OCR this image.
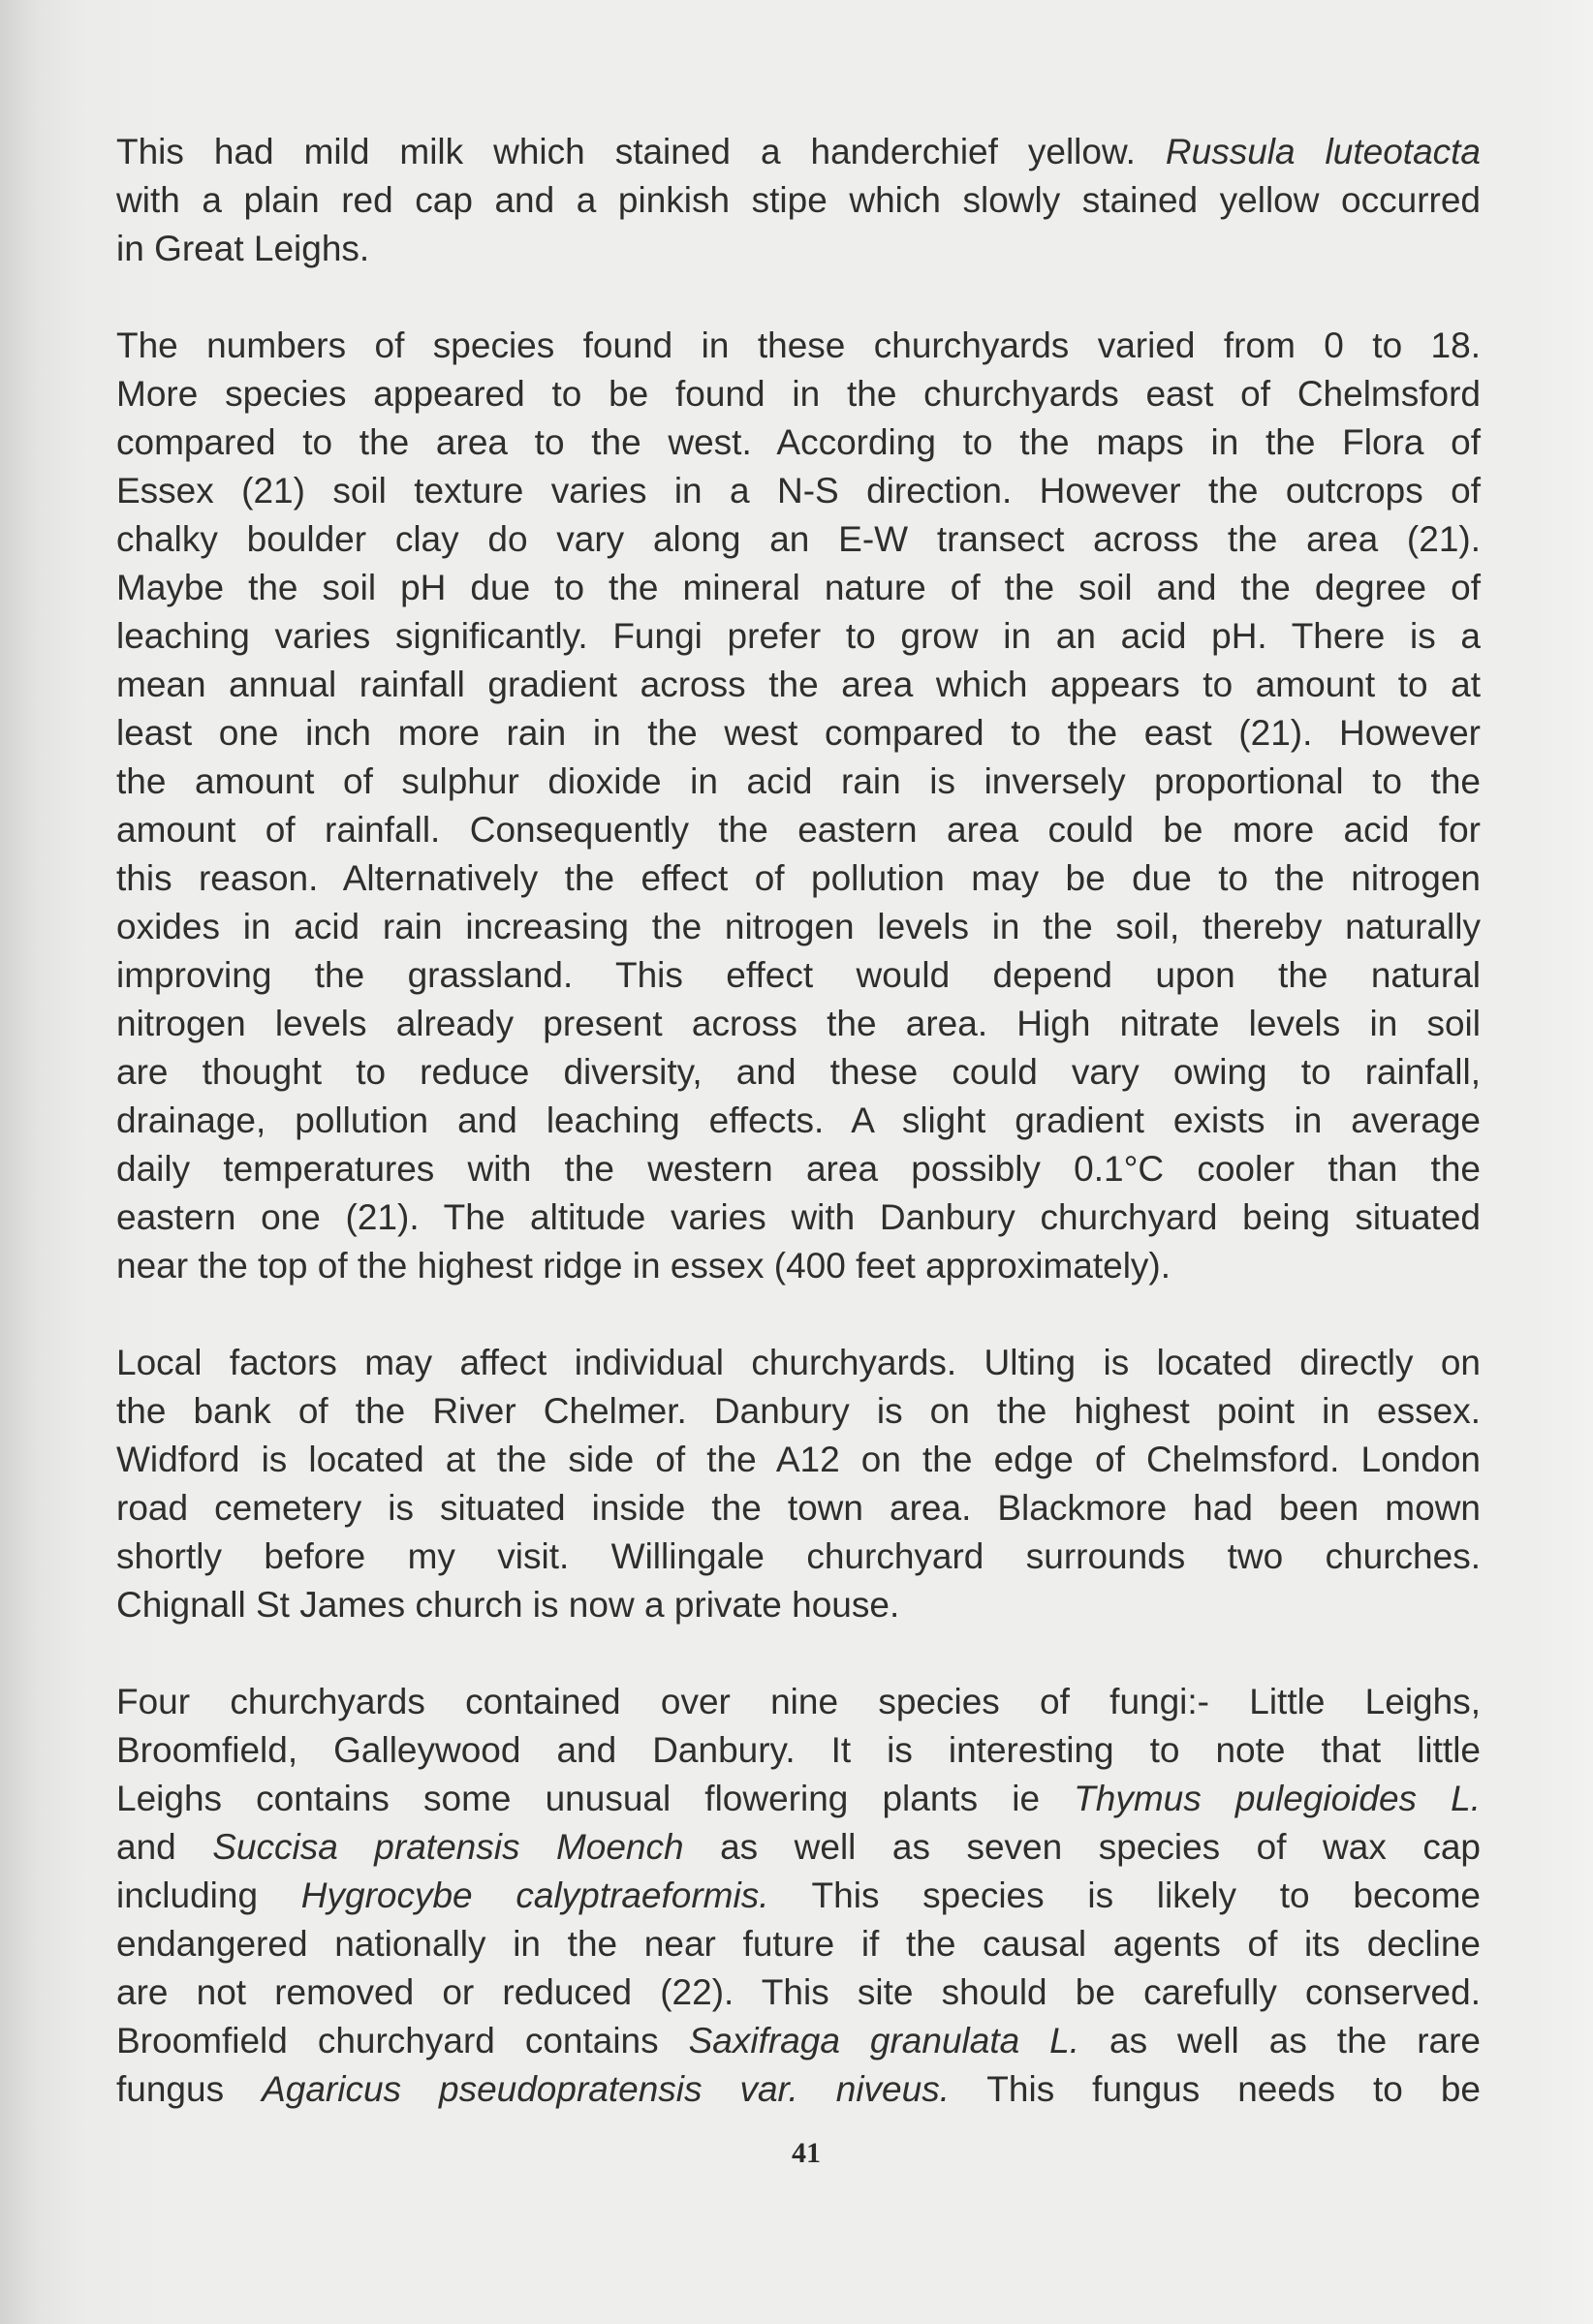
This had mild milk which stained a handerchief yellow. Russula luteotacta
with a plain red cap and a pinkish stipe which slowly stained yellow occurred
in Great Leighs.

The numbers of species found in these churchyards varied from 0 to 18.
More species appeared to be found in the churchyards east of Chelmsford
compared to the area to the west. According to the maps in the Flora of
Essex (21) soil texture varies in a N-S direction. However the outcrops of
chalky boulder clay do vary along an E-W transect across the area (21).
Maybe the soil pH due to the mineral nature of the soil and the degree of
leaching varies significantly. Fungi prefer to grow in an acid pH. There is a
mean annual rainfall gradient across the area which appears to amount to at
least one inch more rain in the west compared to the east (21). However
the amount of sulphur dioxide in acid rain is inversely proportional to the
amount of rainfall. Consequently the eastern area could be more acid for
this reason. Alternatively the effect of pollution may be due to the nitrogen
oxides in acid rain increasing the nitrogen levels in the soil, thereby naturally
improving the grassland. This effect would depend upon the natural
nitrogen levels already present across the area. High nitrate levels in soil
are thought to reduce diversity, and these could vary owing to rainfall,
drainage, pollution and leaching effects. A slight gradient exists in average
daily temperatures with the western area possibly 0.1°C cooler than the
eastern one (21). The altitude varies with Danbury churchyard being situated
near the top of the highest ridge in essex (400 feet approximately).

Local factors may affect individual churchyards. Ulting is located directly on
the bank of the River Chelmer. Danbury is on the highest point in essex.
Widford is located at the side of the A12 on the edge of Chelmsford. London
road cemetery is situated inside the town area. Blackmore had been mown
shortly before my visit. Willingale churchyard surrounds two churches.
Chignall St James church is now a private house.

Four churchyards contained over nine species of fungi:- Little Leighs,
Broomfield, Galleywood and Danbury. It is interesting to note that little
Leighs contains some unusual flowering plants ie Thymus pulegioides L.
and Succisa pratensis Moench as well as seven species of wax cap
including Hygrocybe calyptraeformis. This species is likely to become
endangered nationally in the near future if the causal agents of its decline
are not removed or reduced (22). This site should be carefully conserved.
Broomfield churchyard contains Saxifraga granulata L. as well as the rare
fungus Agaricus pseudopratensis var. niveus. This fungus needs to be

41
